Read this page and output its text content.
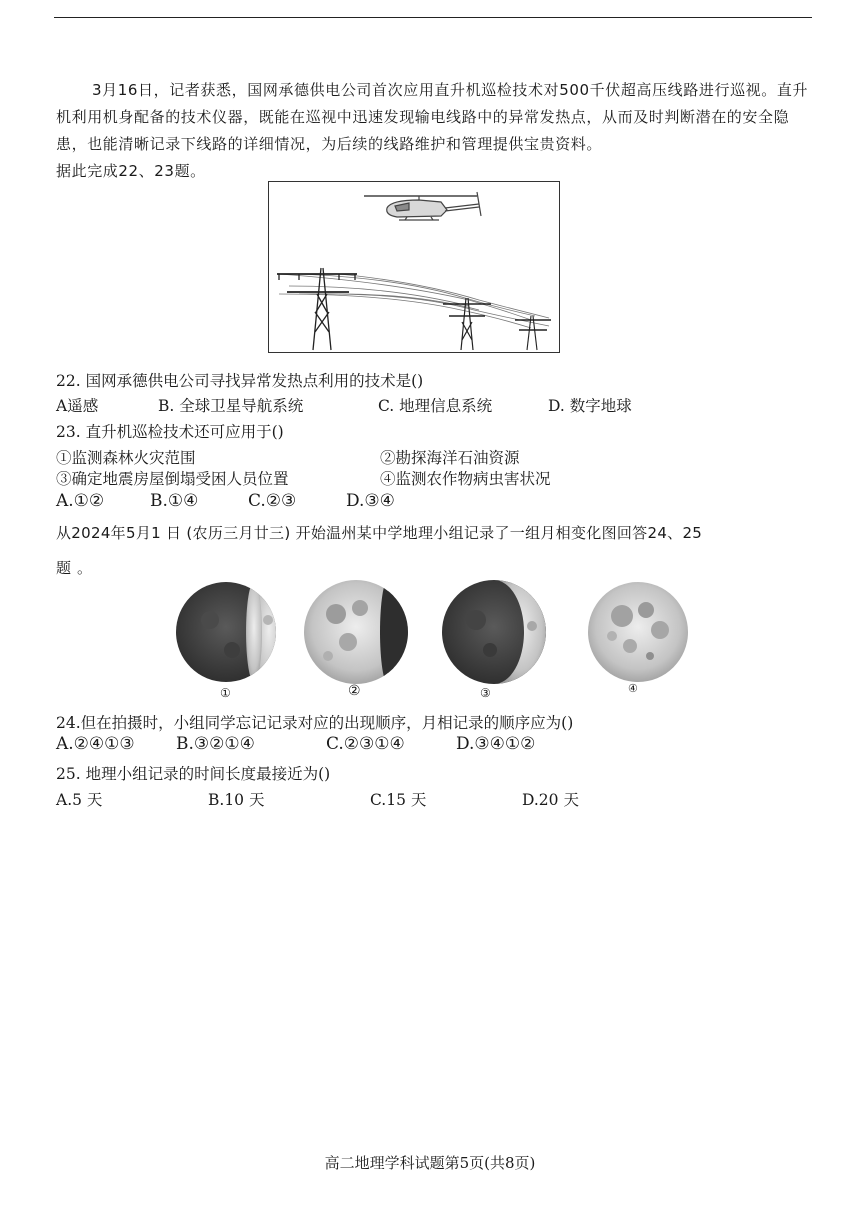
3月16日，记者获悉，国网承德供电公司首次应用直升机巡检技术对500千伏超高压线路进行巡视。直升机利用机身配备的技术仪器，既能在巡视中迅速发现输电线路中的异常发热点，从而及时判断潜在的安全隐患，也能清晰记录下线路的详细情况，为后续的线路维护和管理提供宝贵资料。
据此完成22、23题。
22. 国网承德供电公司寻找异常发热点利用的技术是()
A遥感	B. 全球卫星导航系统	C. 地理信息系统	D. 数字地球
23. 直升机巡检技术还可应用于()
①监测森林火灾范围	②勘探海洋石油资源
③确定地震房屋倒塌受困人员位置	④监测农作物病虫害状况
A.①②	B.①④	C.②③	D.③④
从2024年5月1 日 (农历三月廿三) 开始温州某中学地理小组记录了一组月相变化图回答24、25
题 。
①	②	③	④
24.但在拍摄时，小组同学忘记记录对应的出现顺序，月相记录的顺序应为()
A.②④①③ B.③②①④	C.②③①④	D.③④①②
25. 地理小组记录的时间长度最接近为()
A.5 天	B.10 天	C.15 天	D.20 天
高二地理学科试题第5页(共8页)
